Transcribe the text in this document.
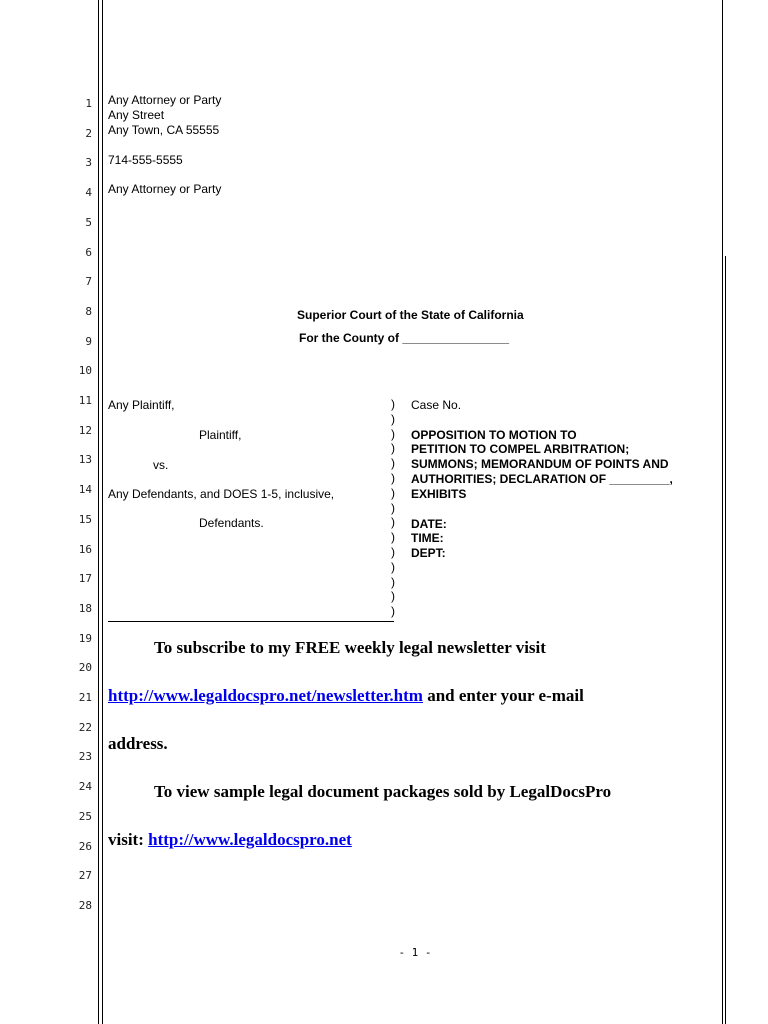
1
2
3
4
5
6
7
8
9
10
11
12
13
14
15
16
17
18
19
20
21
22
23
24
25
26
27
28
Any Attorney or Party
Any Street
Any Town, CA 55555
714-555-5555
Any Attorney or Party
Superior Court of the State of California
For the County of ________________
Any Plaintiff,
Plaintiff,
vs.
Any Defendants, and DOES 1-5, inclusive,
Defendants.
)
)
)
)
)
)
)
)
)
)
)
)
)
)
)
Case No.
OPPOSITION TO MOTION TO
PETITION TO COMPEL ARBITRATION;
SUMMONS; MEMORANDUM OF POINTS AND
AUTHORITIES; DECLARATION OF _________,
EXHIBITS
DATE:
TIME:
DEPT:
To subscribe to my FREE weekly legal newsletter visit
http://www.legaldocspro.net/newsletter.htm and enter your e-mail
address.
To view sample legal document packages sold by LegalDocsPro
visit: http://www.legaldocspro.net
- 1 -
